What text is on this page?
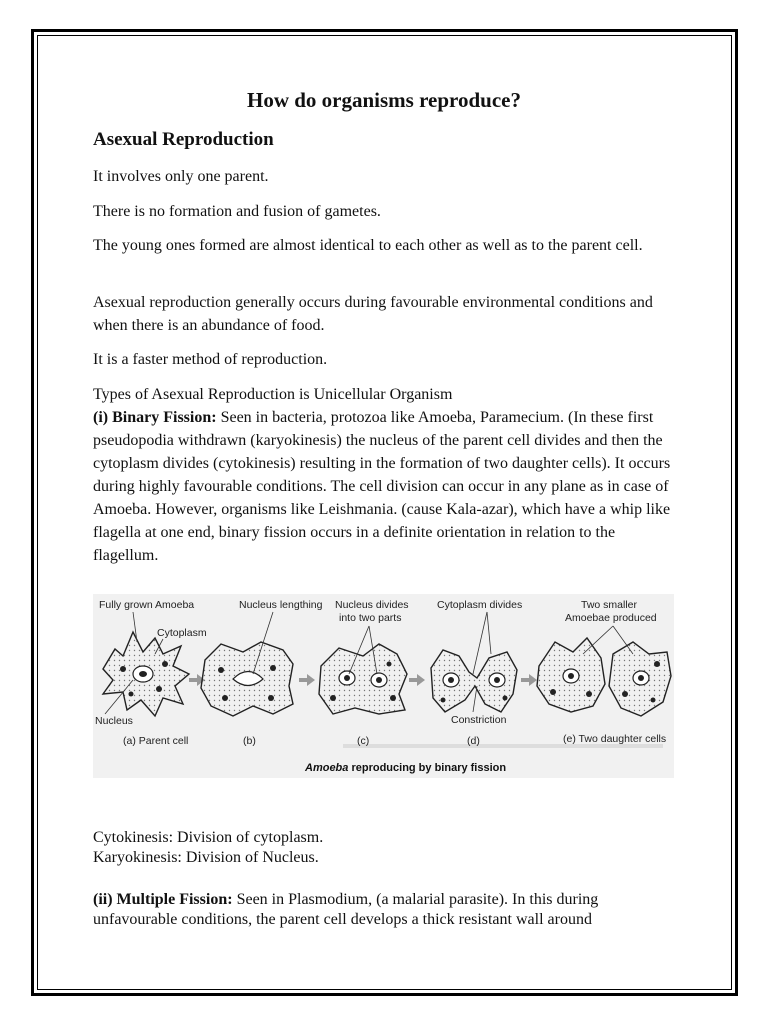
How do organisms reproduce?
Asexual Reproduction

It involves only one parent.

There is no formation and fusion of gametes.

The young ones formed are almost identical to each other as well as to the parent cell.

Asexual reproduction generally occurs during favourable environmental conditions and when there is an abundance of food.

It is a faster method of reproduction.

Types of Asexual Reproduction is Unicellular Organism
(i) Binary Fission: Seen in bacteria, protozoa like Amoeba, Paramecium. (In these first pseudopodia withdrawn (karyokinesis) the nucleus of the parent cell divides and then the cytoplasm divides (cytokinesis) resulting in the formation of two daughter cells). It occurs during highly favourable conditions. The cell division can occur in any plane as in case of Amoeba. However, organisms like Leishmania. (cause Kala-azar), which have a whip like flagella at one end, binary fission occurs in a definite orientation in relation to the flagellum.

Fully grown Amoeba
Cytoplasm
Nucleus
Nucleus lengthing Nucleus divides
into two parts
Cytoplasm divides	Two smaller
Amoebae produced
Constriction
(a) Parent cell	(b)	(c)	(d)	(e) Two daughter cells
Amoeba reproducing by binary fission

Cytokinesis: Division of cytoplasm.
Karyokinesis: Division of Nucleus.

(ii) Multiple Fission: Seen in Plasmodium, (a malarial parasite). In this during unfavourable conditions, the parent cell develops a thick resistant wall around
